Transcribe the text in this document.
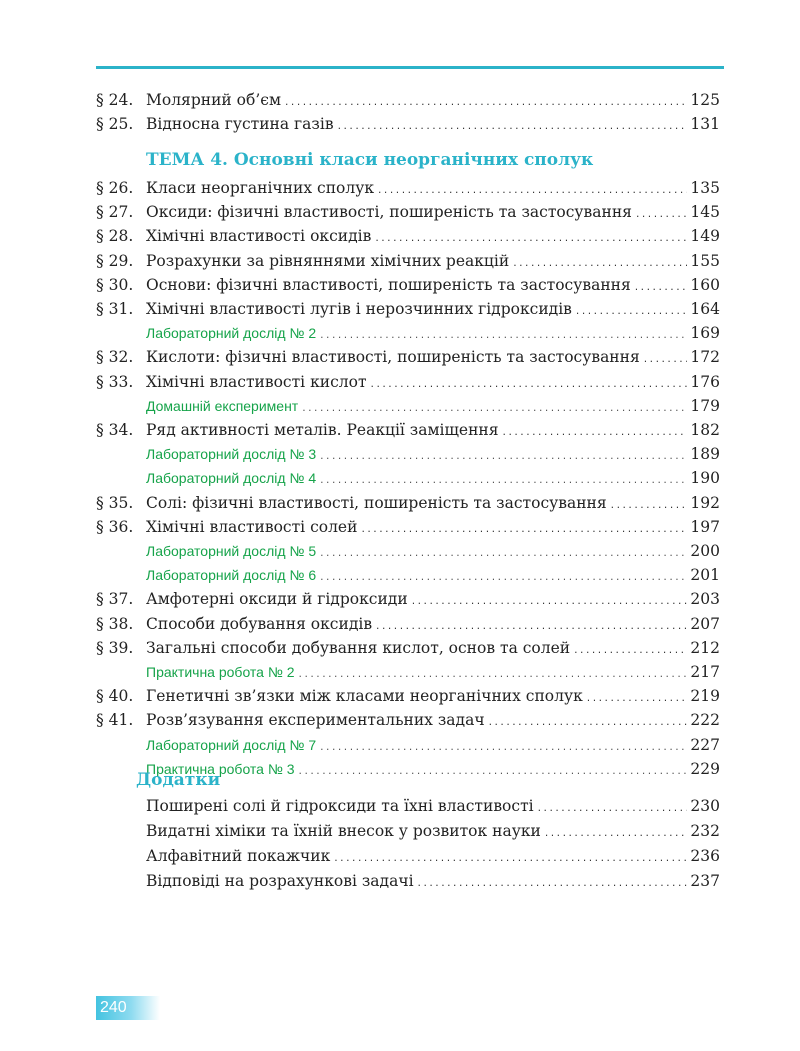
240
§ 24. Молярний об’єм .....	125
§ 25. Відносна густина газів .....	131
ТЕМА 4. Основні класи неорганічних сполук
§ 26. Класи неорганічних сполук .....	135
§ 27. Оксиди: фізичні властивості, поширеність та застосування .....	145
§ 28. Хімічні властивості оксидів .....	149
§ 29. Розрахунки за рівняннями хімічних реакцій .....	155
§ 30. Основи: фізичні властивості, поширеність та застосування .....	160
§ 31. Хімічні властивості лугів і нерозчинних гідроксидів .....	164
Лабораторний дослід № 2 .....	169
§ 32. Кислоти: фізичні властивості, поширеність та застосування .....	172
§ 33. Хімічні властивості кислот .....	176
Домашній експеримент .....	179
§ 34. Ряд активності металів. Реакції заміщення .....	182
Лабораторний дослід № 3 .....	189
Лабораторний дослід № 4 .....	190
§ 35. Солі: фізичні властивості, поширеність та застосування .....	192
§ 36. Хімічні властивості солей .....	197
Лабораторний дослід № 5 .....	200
Лабораторний дослід № 6 .....	201
§ 37. Амфотерні оксиди й гідроксиди .....	203
§ 38. Способи добування оксидів .....	207
§ 39. Загальні способи добування кислот, основ та солей .....	212
Практична робота № 2 .....	217
§ 40. Генетичні зв’язки між класами неорганічних сполук .....	219
§ 41. Розв’язування експериментальних задач .....	222
Лабораторний дослід № 7 .....	227
Практична робота № 3 .....	229
Додатки
Поширені солі й гідроксиди та їхні властивості .....	230
Видатні хіміки та їхній внесок у розвиток науки .....	232
Алфавітний покажчик .....	236
Відповіді на розрахункові задачі .....	237
